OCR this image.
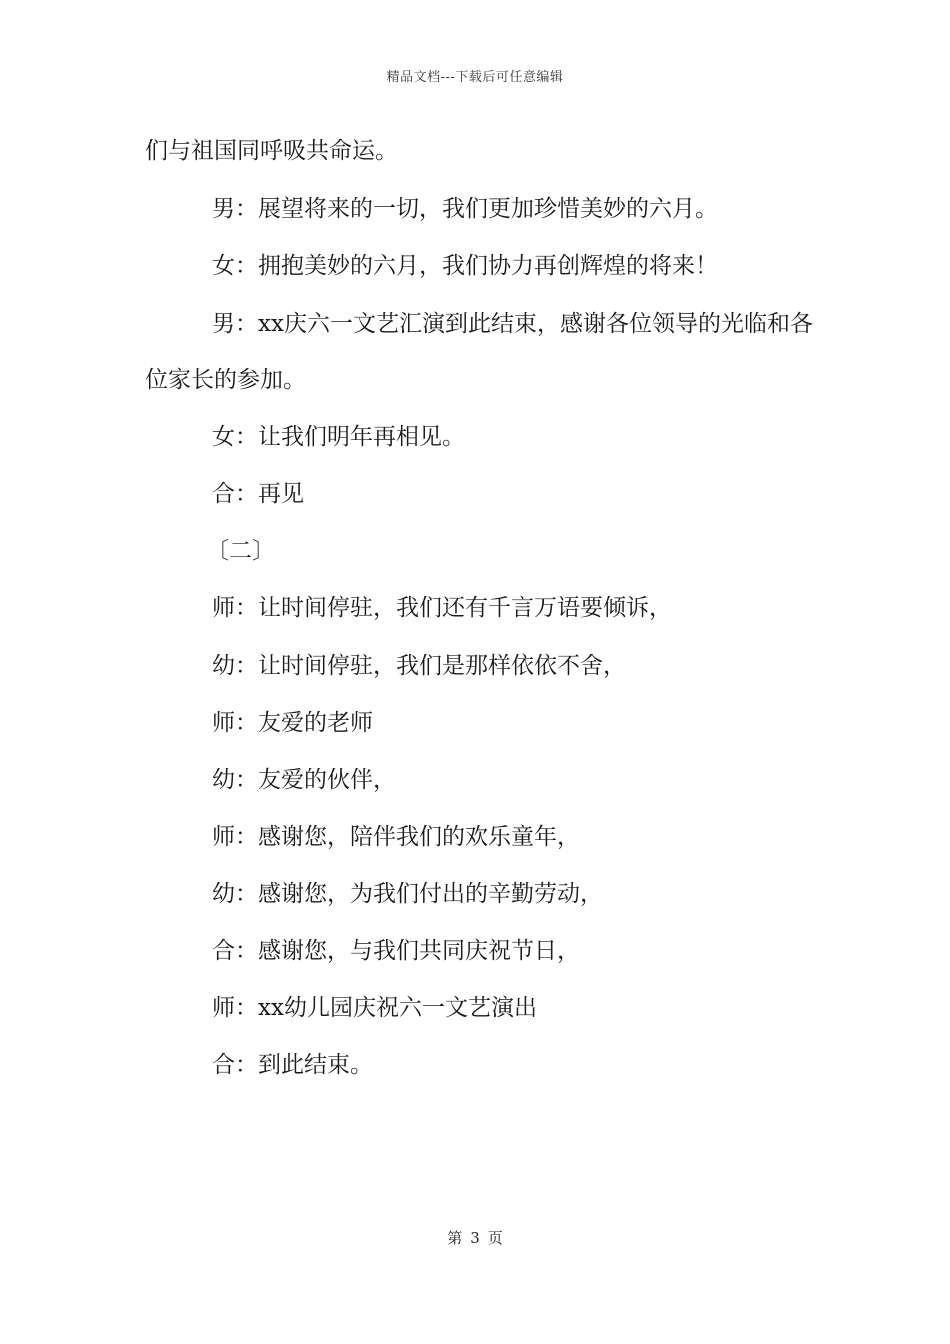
精品文档---下载后可任意编辑
们与祖国同呼吸共命运。
男：展望将来的一切，我们更加珍惜美妙的六月。
女：拥抱美妙的六月，我们协力再创辉煌的将来！
男：xx庆六一文艺汇演到此结束，感谢各位领导的光临和各
位家长的参加。
女：让我们明年再相见。
合：再见
〔二〕
师：让时间停驻，我们还有千言万语要倾诉，
幼：让时间停驻，我们是那样依依不舍，
师：友爱的老师
幼：友爱的伙伴，
师：感谢您，陪伴我们的欢乐童年，
幼：感谢您，为我们付出的辛勤劳动，
合：感谢您，与我们共同庆祝节日，
师：xx幼儿园庆祝六一文艺演出
合：到此结束。
第 3 页
